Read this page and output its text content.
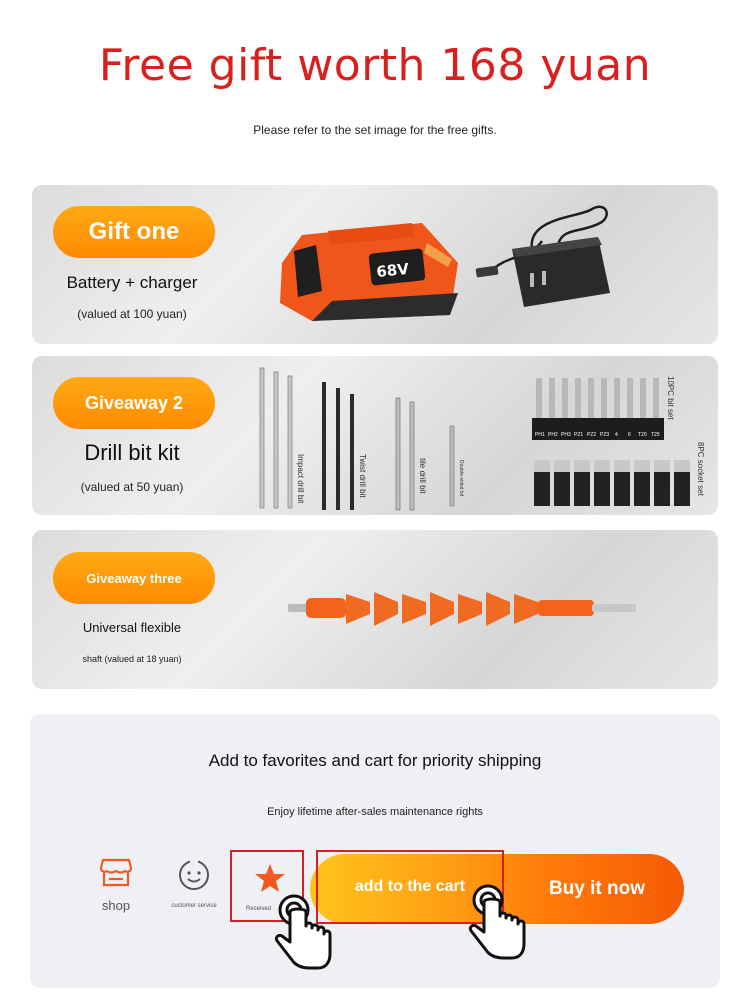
Free gift worth 168 yuan
Please refer to the set image for the free gifts.
Gift one
Battery + charger
(valued at 100 yuan)
68V
Giveaway 2
Drill bit kit
(valued at 50 yuan)	Impact drill bit	Twist drill bit	tile drill bit	Double-sided bit
PH1 PH2 PH3 PZ1 PZ2 PZ3 4 6 T20 T25
10PC bit set
8PC socket set
Giveaway three
Universal flexible
shaft (valued at 18 yuan)
Add to favorites and cart for priority shipping
Enjoy lifetime after-sales maintenance rights
shop	customer service	Received
add to the cart	Buy it now
